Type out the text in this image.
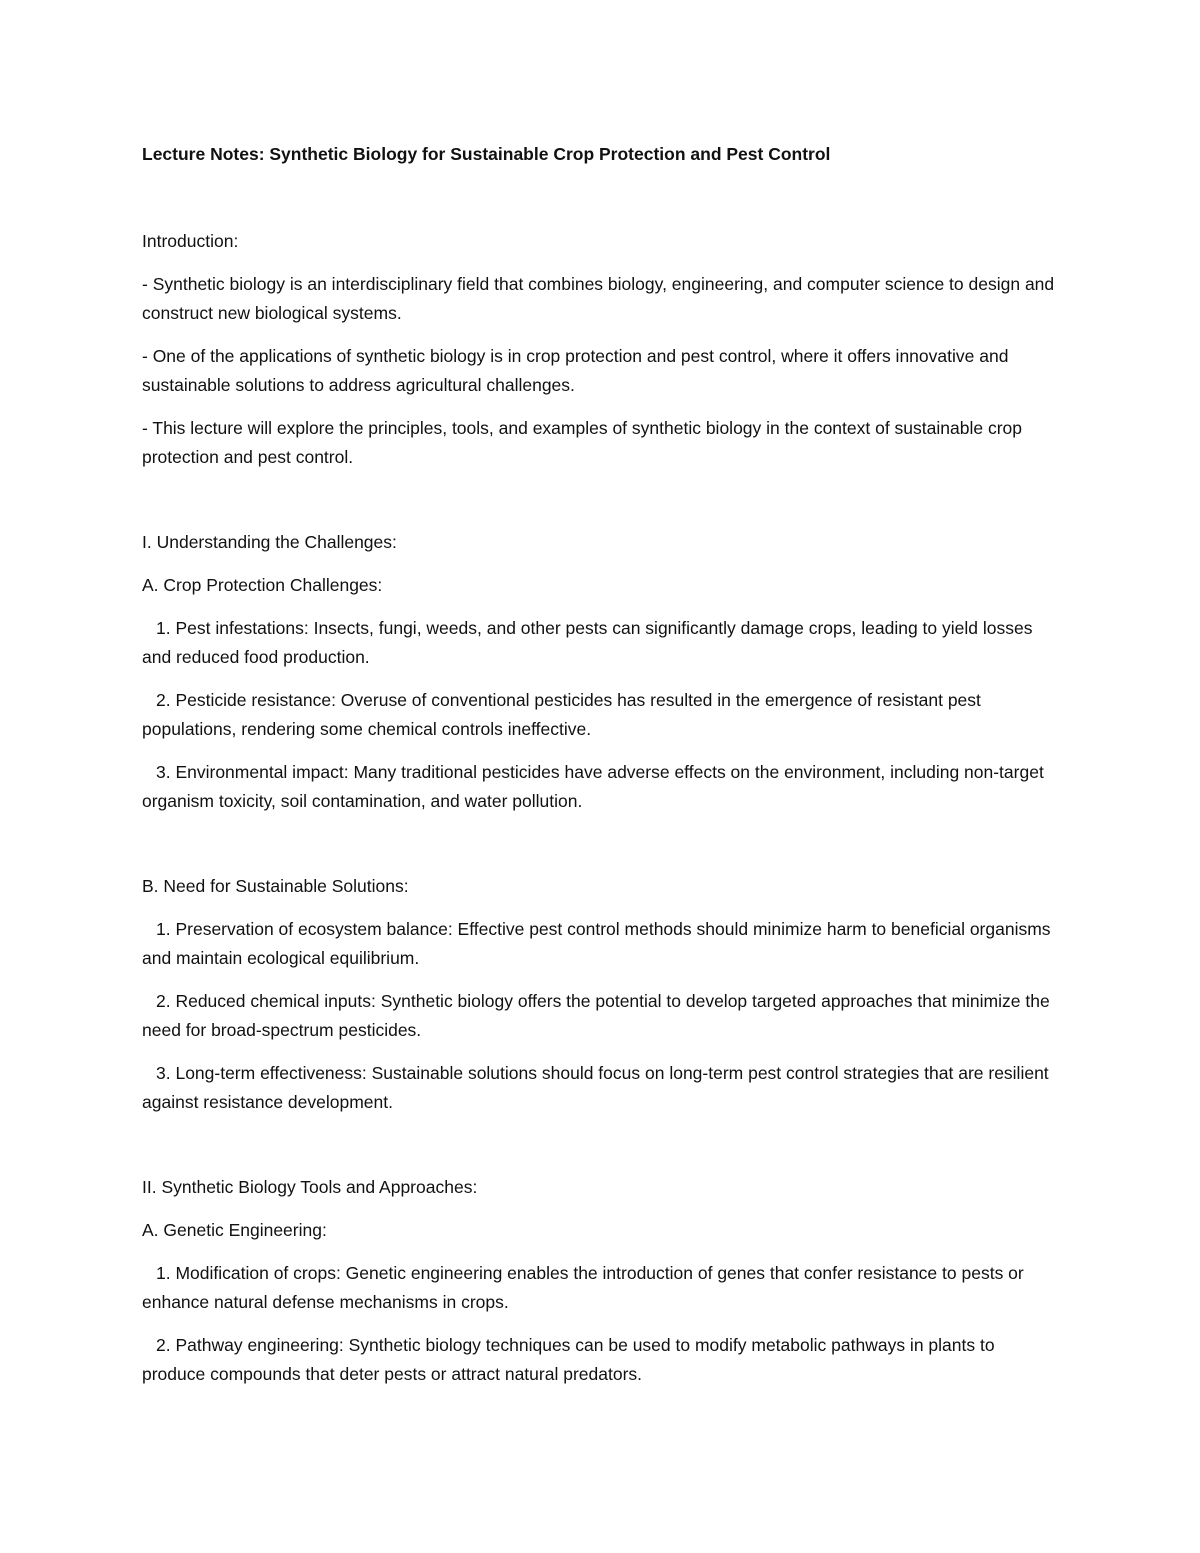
Lecture Notes: Synthetic Biology for Sustainable Crop Protection and Pest Control

Introduction:

- Synthetic biology is an interdisciplinary field that combines biology, engineering, and computer science to design and construct new biological systems.

- One of the applications of synthetic biology is in crop protection and pest control, where it offers innovative and sustainable solutions to address agricultural challenges.

- This lecture will explore the principles, tools, and examples of synthetic biology in the context of sustainable crop protection and pest control.

I. Understanding the Challenges:

A. Crop Protection Challenges:

1. Pest infestations: Insects, fungi, weeds, and other pests can significantly damage crops, leading to yield losses and reduced food production.

2. Pesticide resistance: Overuse of conventional pesticides has resulted in the emergence of resistant pest populations, rendering some chemical controls ineffective.

3. Environmental impact: Many traditional pesticides have adverse effects on the environment, including non-target organism toxicity, soil contamination, and water pollution.

B. Need for Sustainable Solutions:

1. Preservation of ecosystem balance: Effective pest control methods should minimize harm to beneficial organisms and maintain ecological equilibrium.

2. Reduced chemical inputs: Synthetic biology offers the potential to develop targeted approaches that minimize the need for broad-spectrum pesticides.

3. Long-term effectiveness: Sustainable solutions should focus on long-term pest control strategies that are resilient against resistance development.

II. Synthetic Biology Tools and Approaches:

A. Genetic Engineering:

1. Modification of crops: Genetic engineering enables the introduction of genes that confer resistance to pests or enhance natural defense mechanisms in crops.

2. Pathway engineering: Synthetic biology techniques can be used to modify metabolic pathways in plants to produce compounds that deter pests or attract natural predators.
